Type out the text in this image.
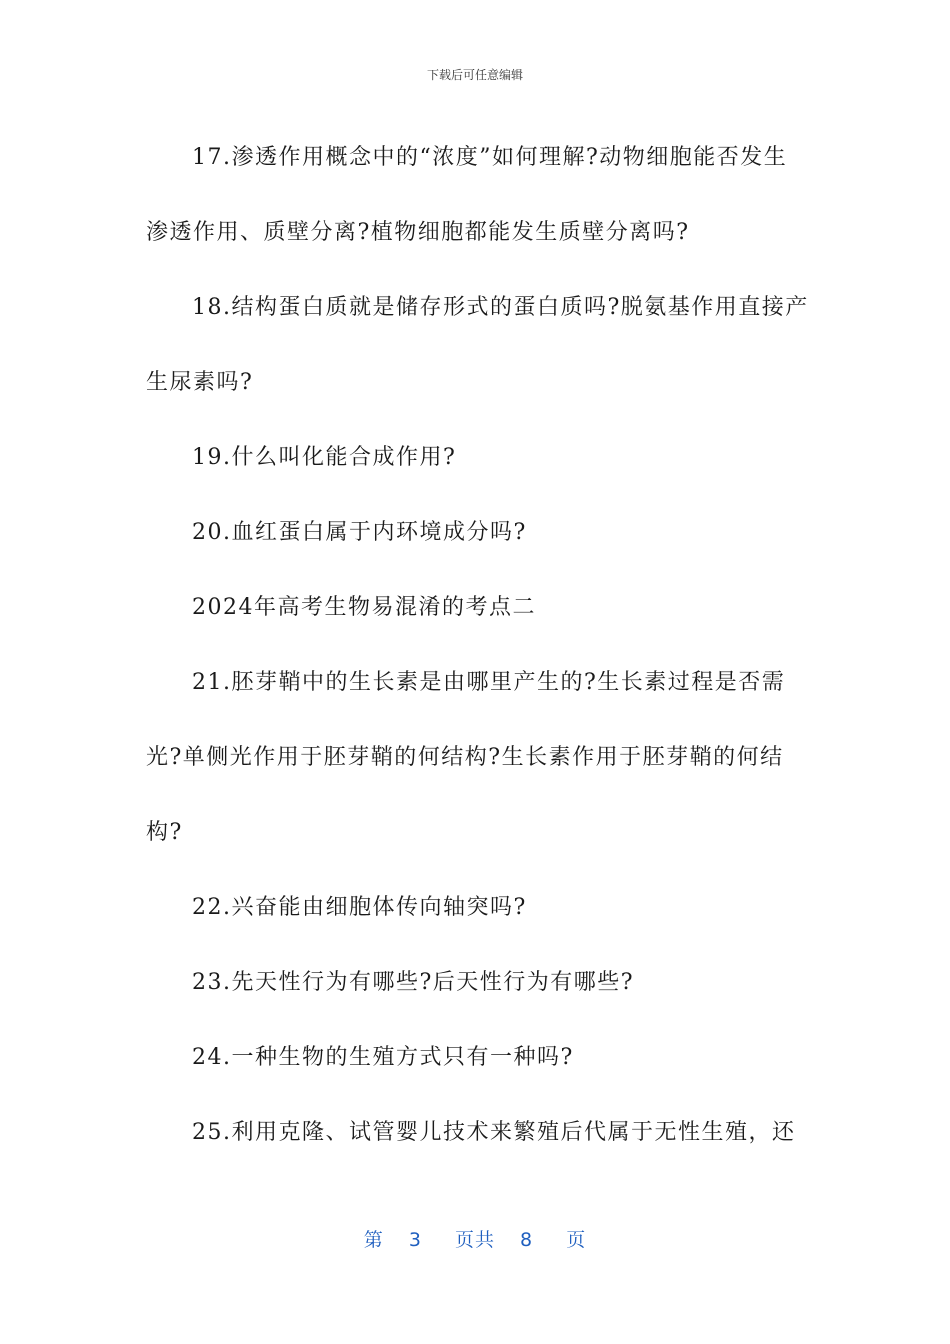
下载后可任意编辑

17.渗透作用概念中的“浓度”如何理解?动物细胞能否发生渗透作用、质壁分离?植物细胞都能发生质壁分离吗?

18.结构蛋白质就是储存形式的蛋白质吗?脱氨基作用直接产生尿素吗?

19.什么叫化能合成作用?

20.血红蛋白属于内环境成分吗?

2024年高考生物易混淆的考点二

21.胚芽鞘中的生长素是由哪里产生的?生长素过程是否需光?单侧光作用于胚芽鞘的何结构?生长素作用于胚芽鞘的何结构?

22.兴奋能由细胞体传向轴突吗?

23.先天性行为有哪些?后天性行为有哪些?

24.一种生物的生殖方式只有一种吗?

25.利用克隆、试管婴儿技术来繁殖后代属于无性生殖，还

第 3 页共 8 页
